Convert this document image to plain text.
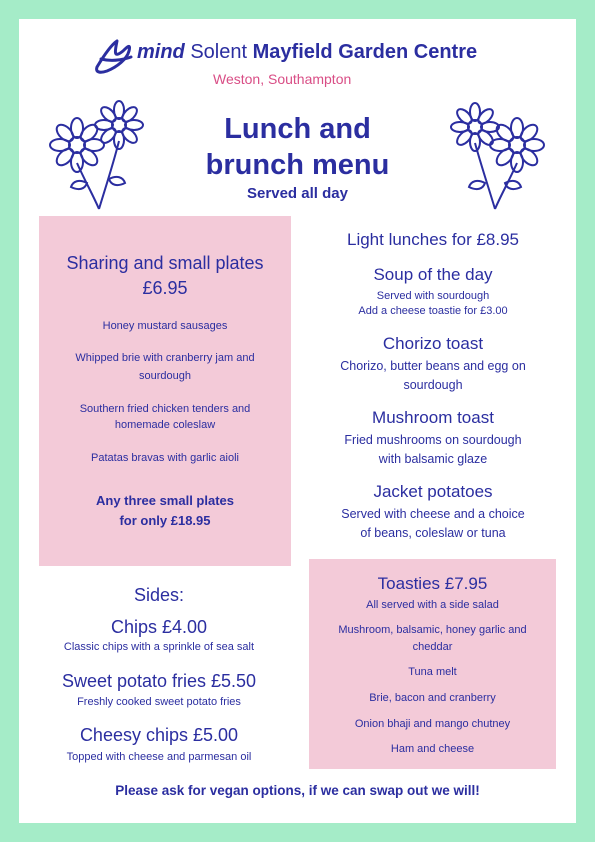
mind Solent Mayfield Garden Centre
Weston, Southampton
Lunch and
brunch menu
Served all day
Sharing and small plates
£6.95
Honey mustard sausages
Whipped brie with cranberry jam and
sourdough
Southern fried chicken tenders and
homemade coleslaw
Patatas bravas with garlic aioli
Any three small plates
for only £18.95
Light lunches for £8.95
Soup of the day
Served with sourdough
Add a cheese toastie for £3.00
Chorizo toast
Chorizo, butter beans and egg on
sourdough
Mushroom toast
Fried mushrooms on sourdough
with balsamic glaze
Jacket potatoes
Served with cheese and a choice
of beans, coleslaw or tuna
Sides:
Chips £4.00
Classic chips with a sprinkle of sea salt
Sweet potato fries £5.50
Freshly cooked sweet potato fries
Cheesy chips £5.00
Topped with cheese and parmesan oil
Toasties £7.95
All served with a side salad
Mushroom, balsamic, honey garlic and
cheddar
Tuna melt
Brie, bacon and cranberry
Onion bhaji and mango chutney
Ham and cheese
Please ask for vegan options, if we can swap out we will!
